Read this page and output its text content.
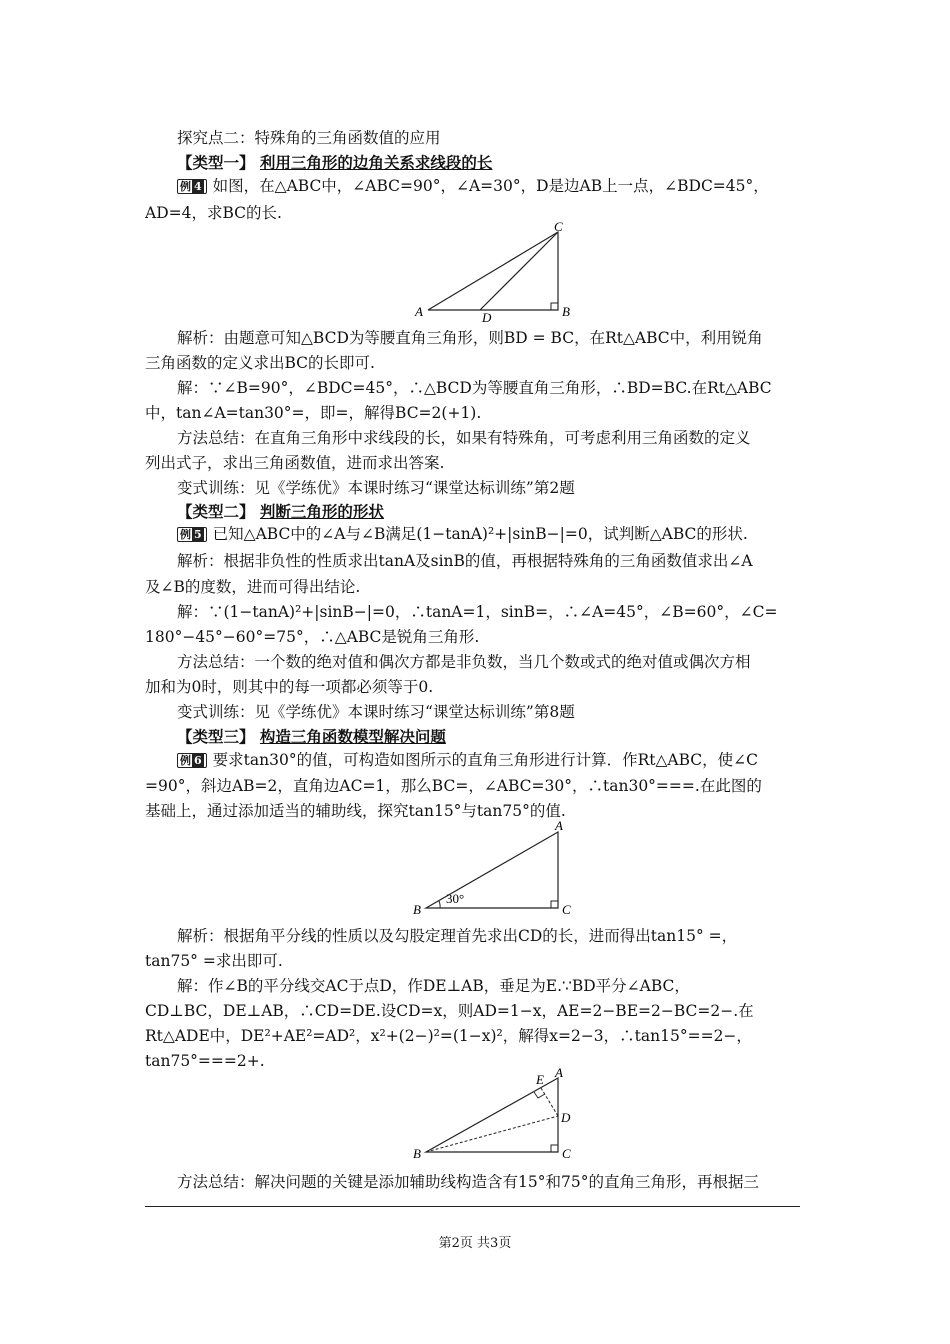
探究点二：特殊角的三角函数值的应用
【类型一】 利用三角形的边角关系求线段的长
例 4 如图，在△ABC中，∠ABC=90°，∠A=30°，D是边AB上一点，∠BDC=45°，
AD=4，求BC的长.
C
A	D	B
解析：由题意可知△BCD为等腰直角三角形，则BD = BC，在Rt△ABC中，利用锐角
三角函数的定义求出BC的长即可.
解：∵∠B=90°，∠BDC=45°，∴△BCD为等腰直角三角形，∴BD=BC.在Rt△ABC
中，tan∠A=tan30°=，即=，解得BC=2(+1).
方法总结：在直角三角形中求线段的长，如果有特殊角，可考虑利用三角函数的定义
列出式子，求出三角函数值，进而求出答案.
变式训练：见《学练优》本课时练习“课堂达标训练”第2题
【类型二】 判断三角形的形状
例 5 已知△ABC中的∠A与∠B满足(1−tanA)²+|sinB−|=0，试判断△ABC的形状.
解析：根据非负性的性质求出tanA及sinB的值，再根据特殊角的三角函数值求出∠A
及∠B的度数，进而可得出结论.
解：∵(1−tanA)²+|sinB−|=0，∴tanA=1，sinB=，∴∠A=45°，∠B=60°，∠C=
180°−45°−60°=75°，∴△ABC是锐角三角形.
方法总结：一个数的绝对值和偶次方都是非负数，当几个数或式的绝对值或偶次方相
加和为0时，则其中的每一项都必须等于0.
变式训练：见《学练优》本课时练习“课堂达标训练”第8题
【类型三】 构造三角函数模型解决问题
例 6 要求tan30°的值，可构造如图所示的直角三角形进行计算．作Rt△ABC，使∠C
=90°，斜边AB=2，直角边AC=1，那么BC=，∠ABC=30°，∴tan30°===.在此图的
基础上，通过添加适当的辅助线，探究tan15°与tan75°的值.
A
B	C
30°
解析：根据角平分线的性质以及勾股定理首先求出CD的长，进而得出tan15° =，
tan75° =求出即可.
解：作∠B的平分线交AC于点D，作DE⊥AB，垂足为E.∵BD平分∠ABC，
CD⊥BC，DE⊥AB，∴CD=DE.设CD=x，则AD=1−x，AE=2−BE=2−BC=2−.在
Rt△ADE中，DE²+AE²=AD²，x²+(2−)²=(1−x)²，解得x=2−3，∴tan15°==2−，
tan75°===2+.
E A
D
B	C
方法总结：解决问题的关键是添加辅助线构造含有15°和75°的直角三角形，再根据三
第2页 共3页
